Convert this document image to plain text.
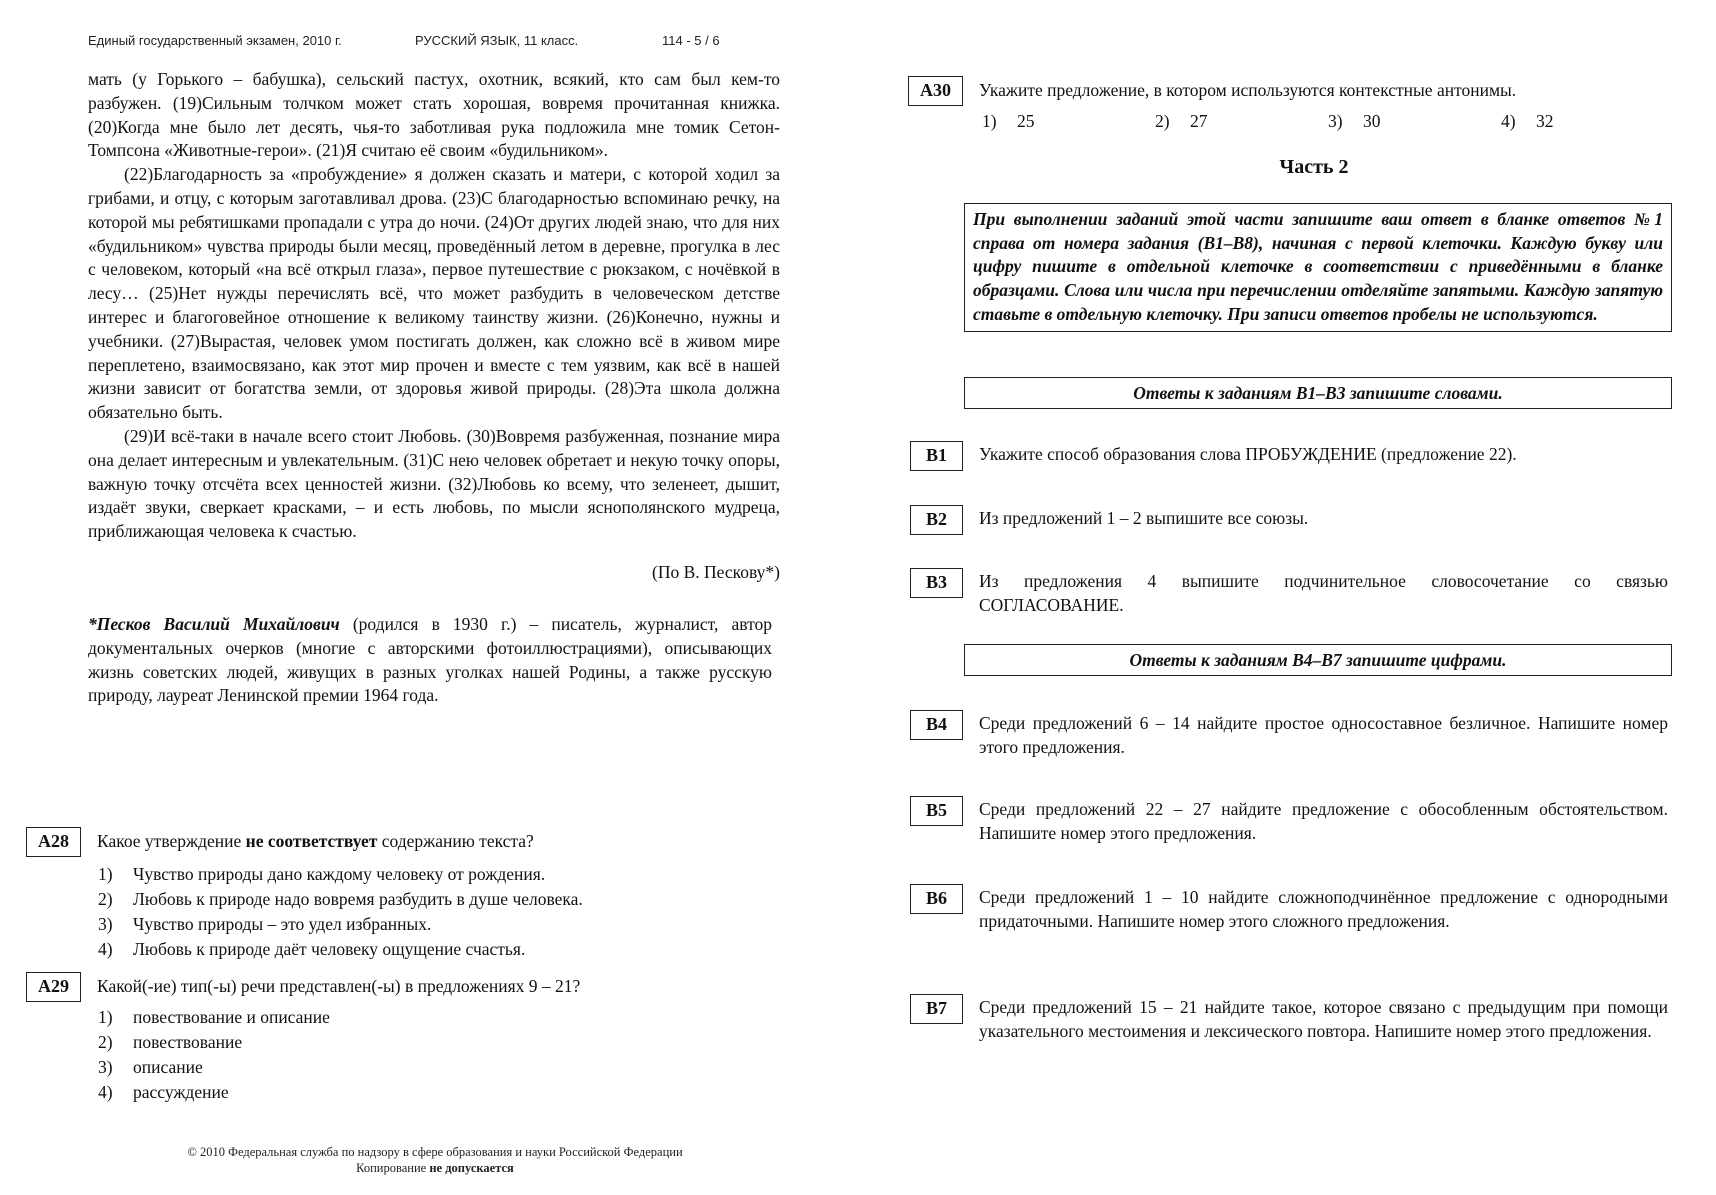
Единый государственный экзамен, 2010 г.	РУССКИЙ ЯЗЫК, 11 класс.	114 - 5 / 6

мать (у Горького – бабушка), сельский пастух, охотник, всякий, кто сам был кем-то разбужен. (19)Сильным толчком может стать хорошая, вовремя прочитанная книжка. (20)Когда мне было лет десять, чья-то заботливая рука подложила мне томик Сетон-Томпсона «Животные-герои». (21)Я считаю её своим «будильником».

(22)Благодарность за «пробуждение» я должен сказать и матери, с которой ходил за грибами, и отцу, с которым заготавливал дрова. (23)С благодарностью вспоминаю речку, на которой мы ребятишками пропадали с утра до ночи. (24)От других людей знаю, что для них «будильником» чувства природы были месяц, проведённый летом в деревне, прогулка в лес с человеком, который «на всё открыл глаза», первое путешествие с рюкзаком, с ночёвкой в лесу… (25)Нет нужды перечислять всё, что может разбудить в человеческом детстве интерес и благоговейное отношение к великому таинству жизни. (26)Конечно, нужны и учебники. (27)Вырастая, человек умом постигать должен, как сложно всё в живом мире переплетено, взаимосвязано, как этот мир прочен и вместе с тем уязвим, как всё в нашей жизни зависит от богатства земли, от здоровья живой природы. (28)Эта школа должна обязательно быть.

(29)И всё-таки в начале всего стоит Любовь. (30)Вовремя разбуженная, познание мира она делает интересным и увлекательным. (31)С нею человек обретает и некую точку опоры, важную точку отсчёта всех ценностей жизни. (32)Любовь ко всему, что зеленеет, дышит, издаёт звуки, сверкает красками, – и есть любовь, по мысли яснополянского мудреца, приближающая человека к счастью.

(По В. Пескову*)

*Песков Василий Михайлович (родился в 1930 г.) – писатель, журналист, автор документальных очерков (многие с авторскими фотоиллюстрациями), описывающих жизнь советских людей, живущих в разных уголках нашей Родины, а также русскую природу, лауреат Ленинской премии 1964 года.

A28	Какое утверждение не соответствует содержанию текста?

1) Чувство природы дано каждому человеку от рождения.
2) Любовь к природе надо вовремя разбудить в душе человека.
3) Чувство природы – это удел избранных.
4) Любовь к природе даёт человеку ощущение счастья.
A29	Какой(-ие) тип(-ы) речи представлен(-ы) в предложениях 9 – 21?

1) повествование и описание
2) повествование
3) описание
4) рассуждение
A30	Укажите предложение, в котором используются контекстные антонимы.

1) 25	2) 27	3) 30	4) 32
Часть 2
При выполнении заданий этой части запишите ваш ответ в бланке ответов №1 справа от номера задания (В1–В8), начиная с первой клеточки. Каждую букву или цифру пишите в отдельной клеточке в соответствии с приведёнными в бланке образцами. Слова или числа при перечислении отделяйте запятыми. Каждую запятую ставьте в отдельную клеточку. При записи ответов пробелы не используются.
Ответы к заданиям В1–В3 запишите словами.
B1	Укажите способ образования слова ПРОБУЖДЕНИЕ (предложение 22).

B2	Из предложений 1 – 2 выпишите все союзы.

B3	Из предложения 4 выпишите подчинительное словосочетание со связью СОГЛАСОВАНИЕ.

Ответы к заданиям В4–В7 запишите цифрами.
B4	Среди предложений 6 – 14 найдите простое односоставное безличное. Напишите номер этого предложения.

B5	Среди предложений 22 – 27 найдите предложение с обособленным обстоятельством. Напишите номер этого предложения.

B6	Среди предложений 1 – 10 найдите сложноподчинённое предложение с однородными придаточными. Напишите номер этого сложного предложения.

B7	Среди предложений 15 – 21 найдите такое, которое связано с предыдущим при помощи указательного местоимения и лексического повтора. Напишите номер этого предложения.

© 2010 Федеральная служба по надзору в сфере образования и науки Российской Федерации
Копирование не допускается
